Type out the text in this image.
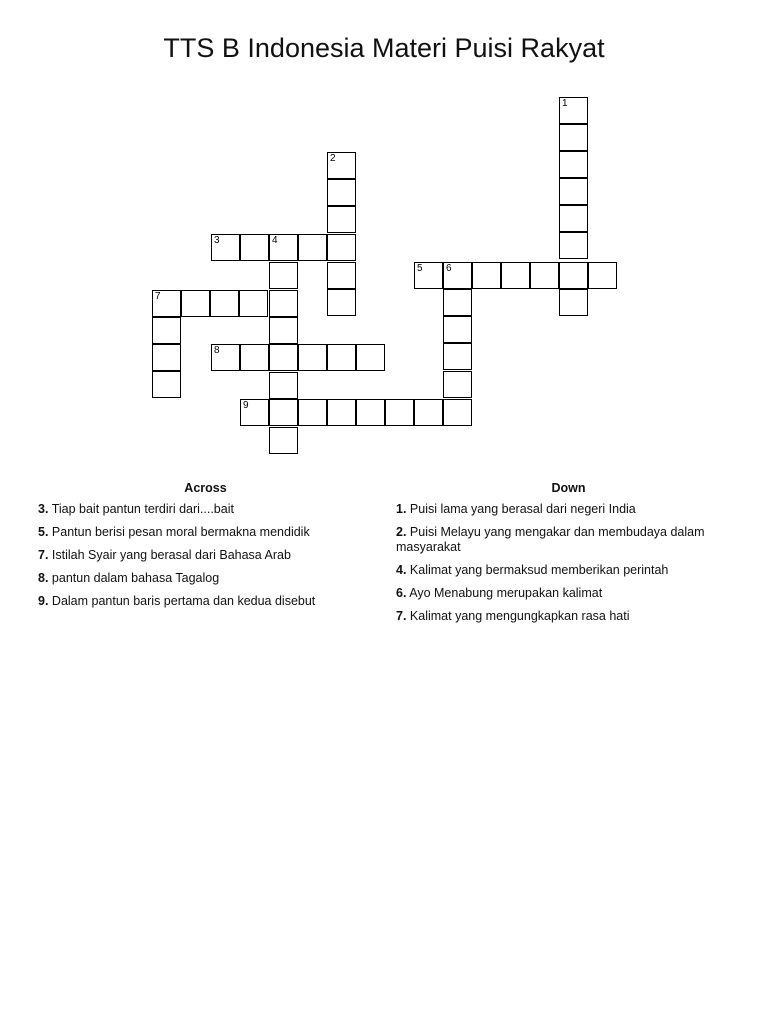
TTS B Indonesia Materi Puisi Rakyat
1
2
3	4
5 6
7
8
9
Across
3. Tiap bait pantun terdiri dari....bait
5. Pantun berisi pesan moral bermakna mendidik
7. Istilah Syair yang berasal dari Bahasa Arab
8. pantun dalam bahasa Tagalog
9. Dalam pantun baris pertama dan kedua disebut
Down
1. Puisi lama yang berasal dari negeri India
2. Puisi Melayu yang mengakar dan membudaya dalam masyarakat
4. Kalimat yang bermaksud memberikan perintah
6. Ayo Menabung merupakan kalimat
7. Kalimat yang mengungkapkan rasa hati
